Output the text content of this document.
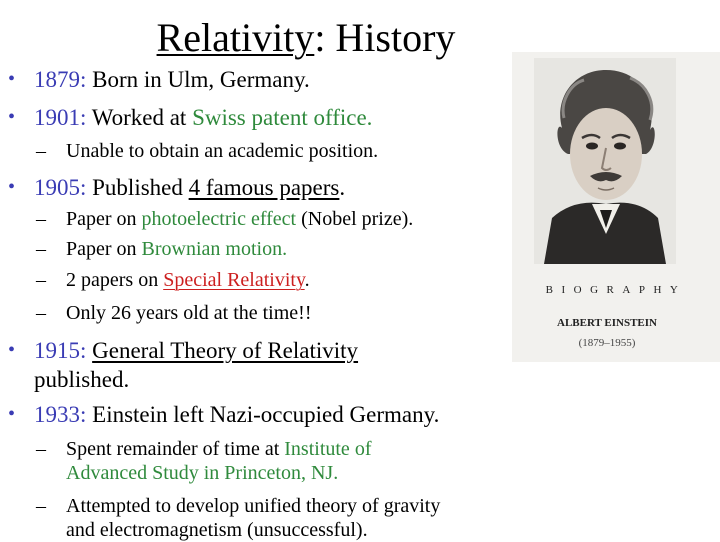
Relativity: History
• 1879: Born in Ulm, Germany.
• 1901: Worked at Swiss patent office.
– Unable to obtain an academic position.
• 1905: Published 4 famous papers.
– Paper on photoelectric effect (Nobel prize).
– Paper on Brownian motion.
– 2 papers on Special Relativity.
– Only 26 years old at the time!!
• 1915: General Theory of Relativity
published.
• 1933: Einstein left Nazi-occupied Germany.
– Spent remainder of time at Institute of
Advanced Study in Princeton, NJ.
– Attempted to develop unified theory of gravity
and electromagnetism (unsuccessful).
BIOGRAPHY
ALBERT EINSTEIN
(1879–1955)
